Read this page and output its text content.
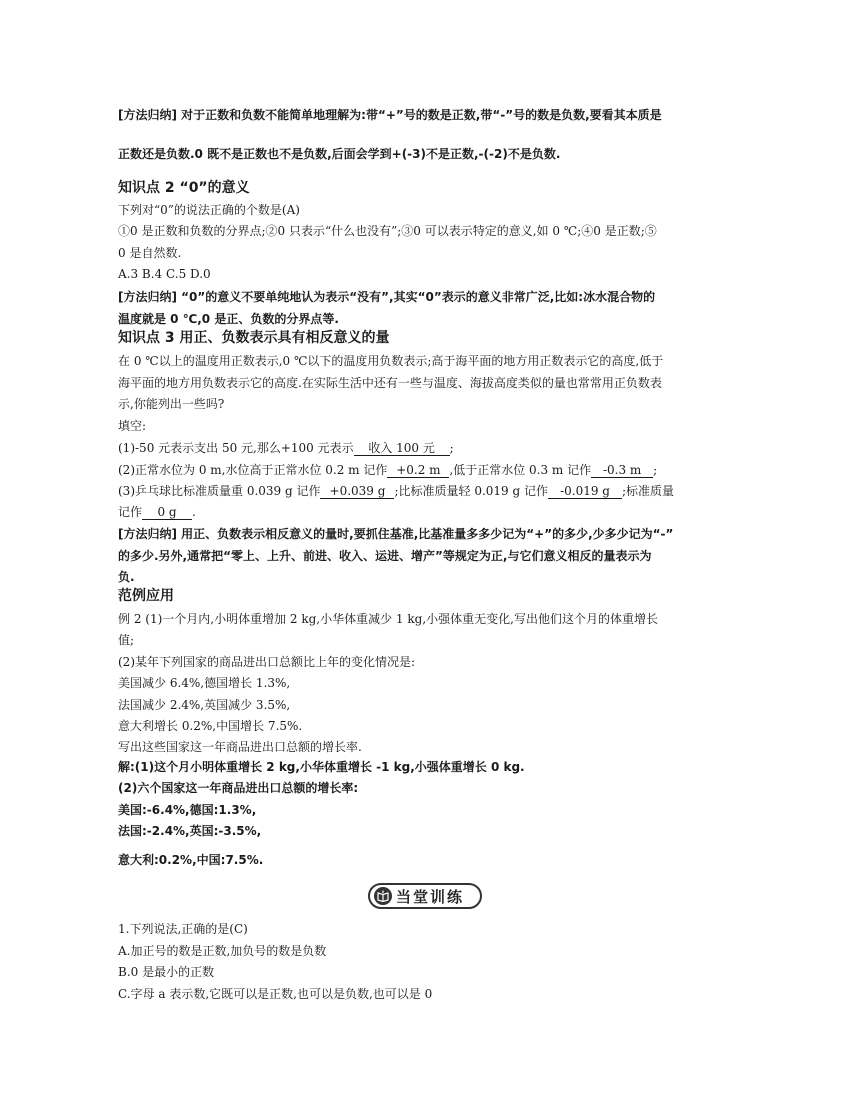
[方法归纳] 对于正数和负数不能简单地理解为:带“+”号的数是正数,带“-”号的数是负数,要看其本质是
正数还是负数.0 既不是正数也不是负数,后面会学到+(-3)不是正数,-(-2)不是负数.
知识点 2 “0”的意义
下列对“0”的说法正确的个数是(A)
①0 是正数和负数的分界点;②0 只表示“什么也没有”;③0 可以表示特定的意义,如 0 ℃;④0 是正数;⑤
0 是自然数.
A.3 B.4 C.5 D.0
[方法归纳] “0”的意义不要单纯地认为表示“没有”,其实“0”表示的意义非常广泛,比如:冰水混合物的
温度就是 0 ℃,0 是正、负数的分界点等.
知识点 3 用正、负数表示具有相反意义的量
在 0 ℃以上的温度用正数表示,0 ℃以下的温度用负数表示;高于海平面的地方用正数表示它的高度,低于
海平面的地方用负数表示它的高度.在实际生活中还有一些与温度、海拔高度类似的量也常常用正负数表
示,你能列出一些吗?
填空:
(1)-50 元表示支出 50 元,那么+100 元表示 收入 100 元 ;
(2)正常水位为 0 m,水位高于正常水位 0.2 m 记作 +0.2 m ,低于正常水位 0.3 m 记作 -0.3 m ;
(3)乒乓球比标准质量重 0.039 g 记作 +0.039 g ;比标准质量轻 0.019 g 记作 -0.019 g ;标准质量
记作 0 g .
[方法归纳] 用正、负数表示相反意义的量时,要抓住基准,比基准量多多少记为“+”的多少,少多少记为“-”
的多少.另外,通常把“零上、上升、前进、收入、运进、增产”等规定为正,与它们意义相反的量表示为
负.
范例应用
例 2 (1)一个月内,小明体重增加 2 kg,小华体重减少 1 kg,小强体重无变化,写出他们这个月的体重增长
值;
(2)某年下列国家的商品进出口总额比上年的变化情况是:
美国减少 6.4%,德国增长 1.3%,
法国减少 2.4%,英国减少 3.5%,
意大利增长 0.2%,中国增长 7.5%.
写出这些国家这一年商品进出口总额的增长率.
解:(1)这个月小明体重增长 2 kg,小华体重增长 -1 kg,小强体重增长 0 kg.
(2)六个国家这一年商品进出口总额的增长率:
美国:-6.4%,德国:1.3%,
法国:-2.4%,英国:-3.5%,
意大利:0.2%,中国:7.5%.
当堂训练
1.下列说法,正确的是(C)
A.加正号的数是正数,加负号的数是负数
B.0 是最小的正数
C.字母 a 表示数,它既可以是正数,也可以是负数,也可以是 0
